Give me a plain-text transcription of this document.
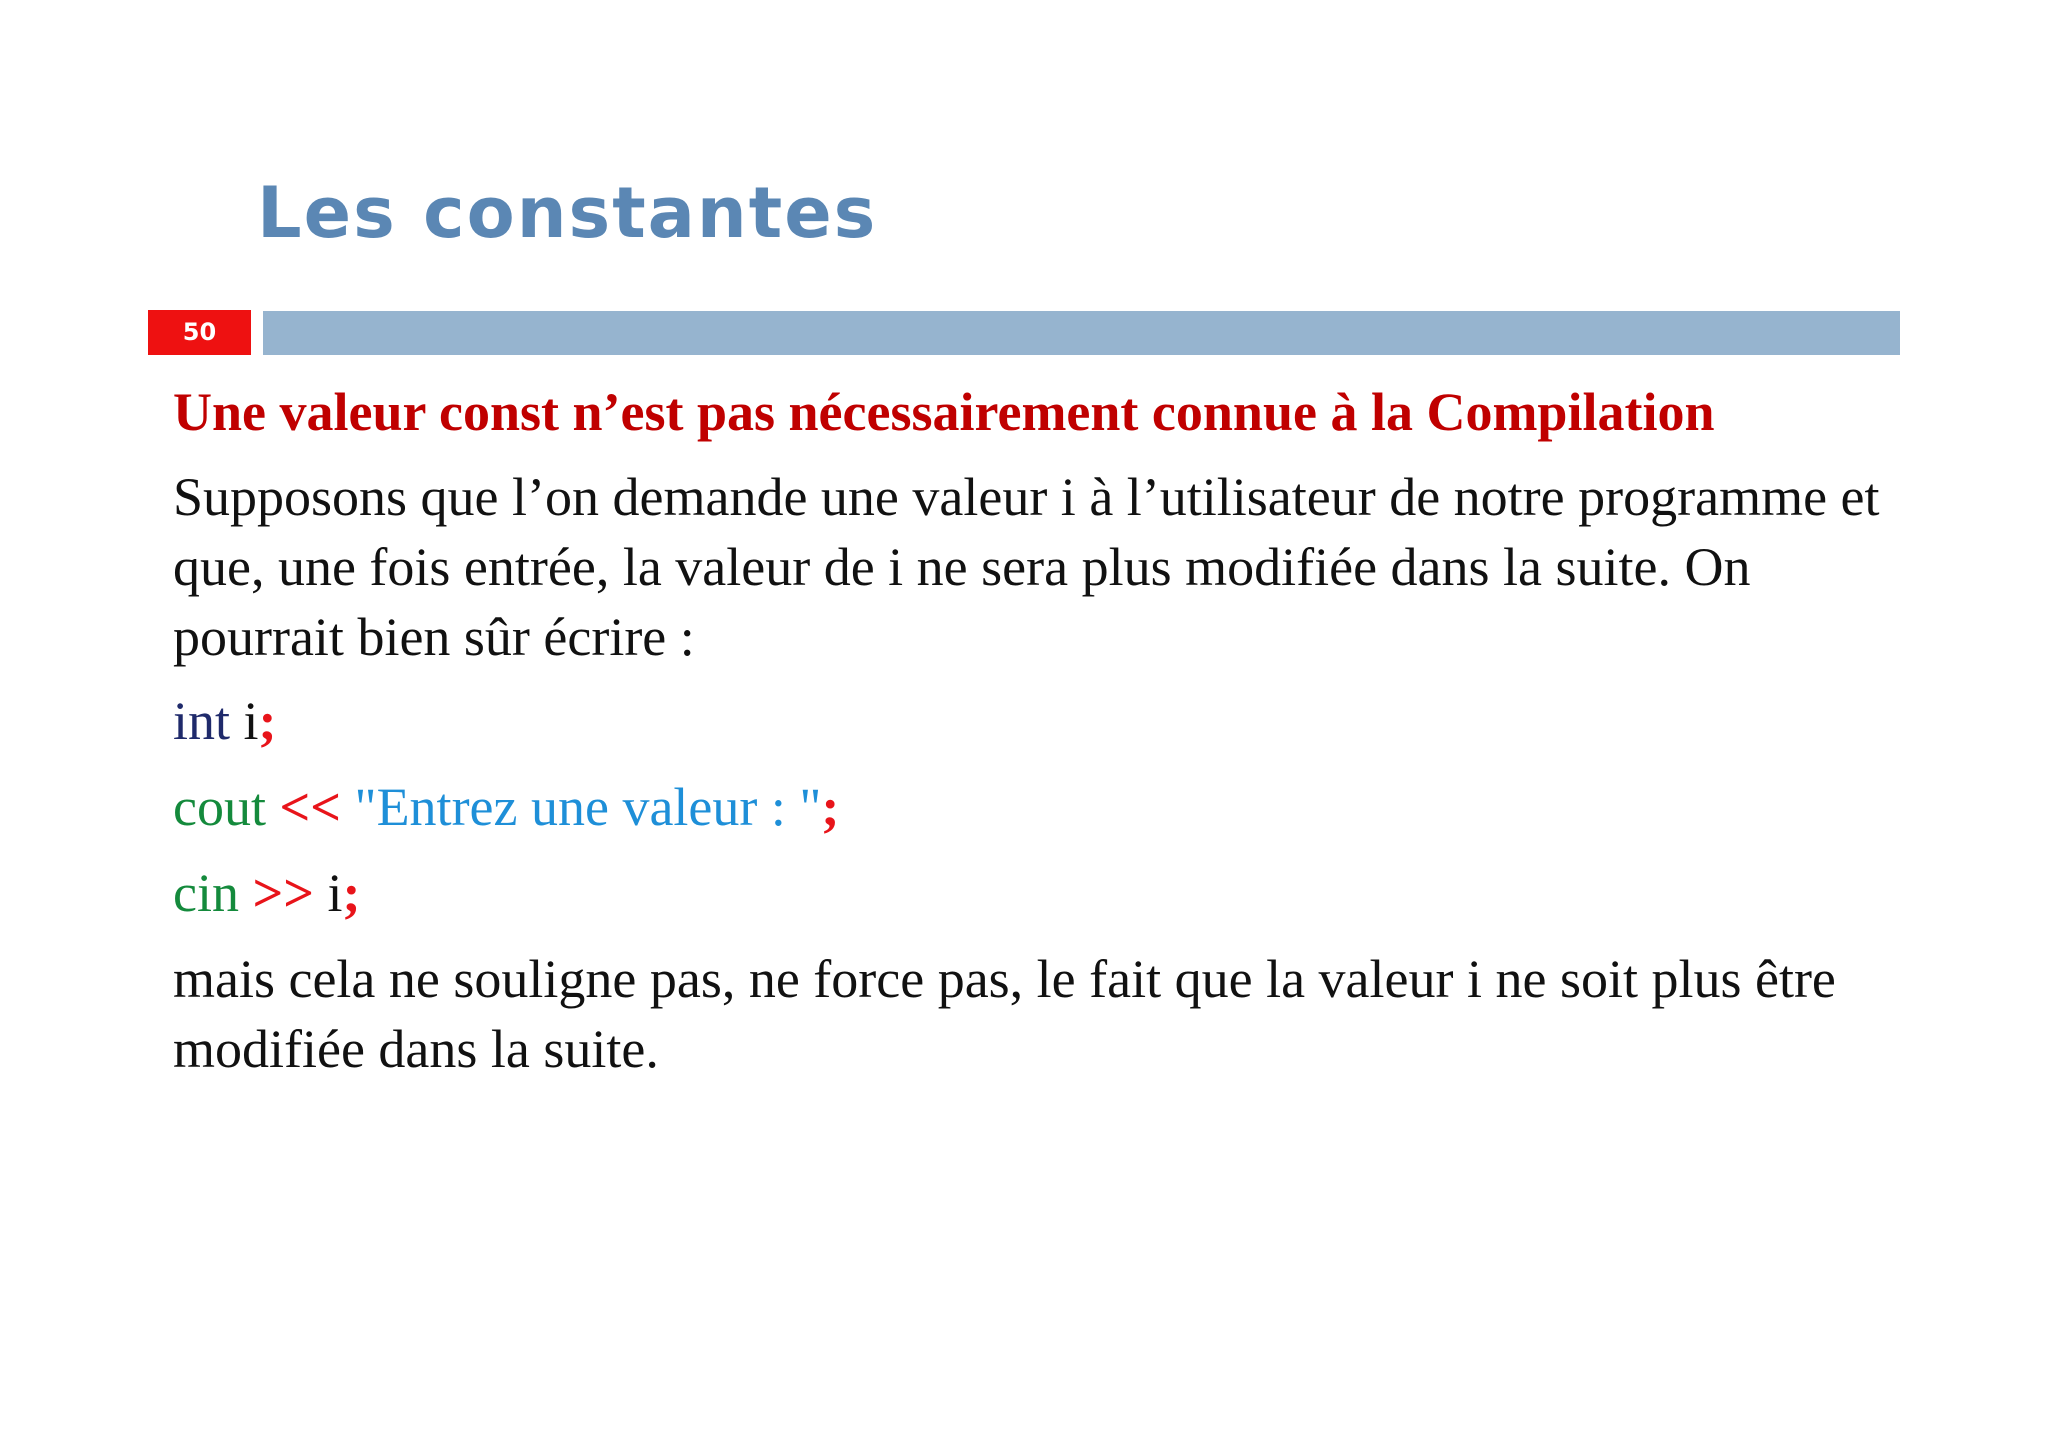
Les constantes
50

Une valeur const n’est pas nécessairement connue à la Compilation

Supposons que l’on demande une valeur i à l’utilisateur de notre programme et que, une fois entrée, la valeur de i ne sera plus modifiée dans la suite. On pourrait bien sûr écrire :

int i;
cout << "Entrez une valeur : ";
cin >> i;

mais cela ne souligne pas, ne force pas, le fait que la valeur i ne soit plus être modifiée dans la suite.
